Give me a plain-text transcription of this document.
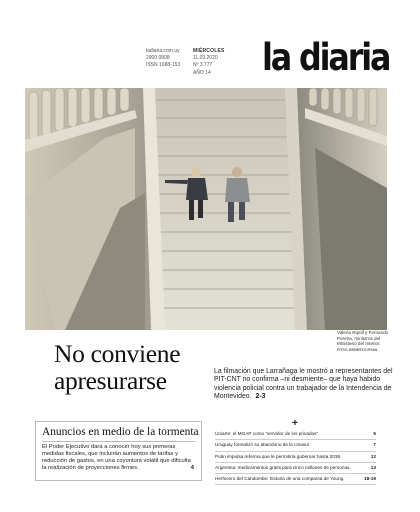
ladiaria.com.uy
2900 0808
ISSN 1688-153
MIÉRCOLES
11.03.2020
Nº 3.777
AÑO 14	la diaria
Valeria Ripoll y Fernando Pereira, ministros del Ministerio del Interior.
FOTO: ERNESTO RYAN
No conviene
apresurarse	La filmación que Larrañaga le mostró a representantes del PIT-CNT no confirma –ni desmiente– que haya habido violencia policial contra un trabajador de la Intendencia de Montevideo. 2-3
Anuncios en medio de la tormenta

El Poder Ejecutivo dará a conocer hoy sus primeras medidas fiscales, que incluirán aumentos de tarifas y reducción de gastos, en una coyuntura volátil que dificulta la realización de proyecciones firmes.	4

+
Uniarte: el MGAP como “servidor de los privados”.	5
Uruguay formalizó su abandono de la Unasur.	7
Putin impulsa reforma que le permitiría gobernar hasta 2036.	12
Argentina: medicamentos gratis para cinco millones de personas.	13
Herhicero del Candombe: historia de una comparsa de Young.	18-19
